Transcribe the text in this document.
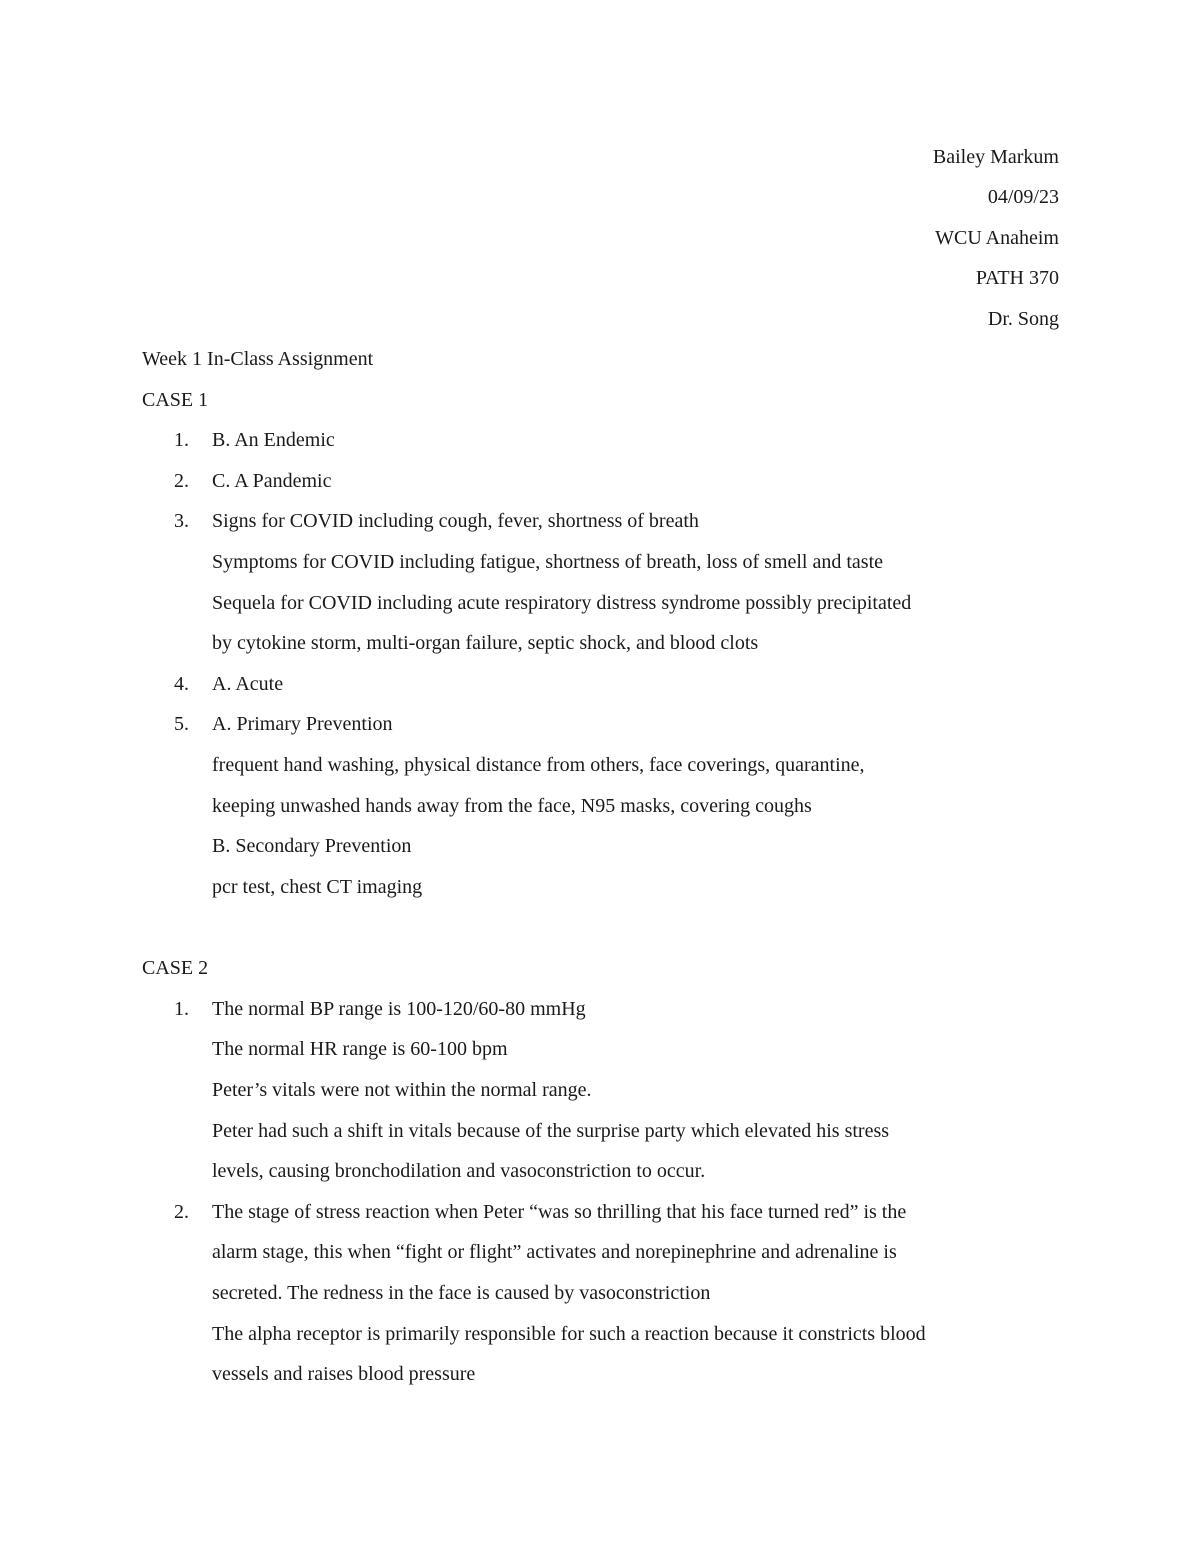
Bailey Markum
04/09/23
WCU Anaheim
PATH 370
Dr. Song
Week 1 In-Class Assignment
CASE 1
1. B. An Endemic
2. C. A Pandemic
3. Signs for COVID including cough, fever, shortness of breath
Symptoms for COVID including fatigue, shortness of breath, loss of smell and taste
Sequela for COVID including acute respiratory distress syndrome possibly precipitated
by cytokine storm, multi-organ failure, septic shock, and blood clots
4. A. Acute
5. A. Primary Prevention
frequent hand washing, physical distance from others, face coverings, quarantine,
keeping unwashed hands away from the face, N95 masks, covering coughs
B. Secondary Prevention
pcr test, chest CT imaging
CASE 2
1. The normal BP range is 100-120/60-80 mmHg
The normal HR range is 60-100 bpm
Peter’s vitals were not within the normal range.
Peter had such a shift in vitals because of the surprise party which elevated his stress
levels, causing bronchodilation and vasoconstriction to occur.
2. The stage of stress reaction when Peter “was so thrilling that his face turned red” is the
alarm stage, this when “fight or flight” activates and norepinephrine and adrenaline is
secreted. The redness in the face is caused by vasoconstriction
The alpha receptor is primarily responsible for such a reaction because it constricts blood
vessels and raises blood pressure
